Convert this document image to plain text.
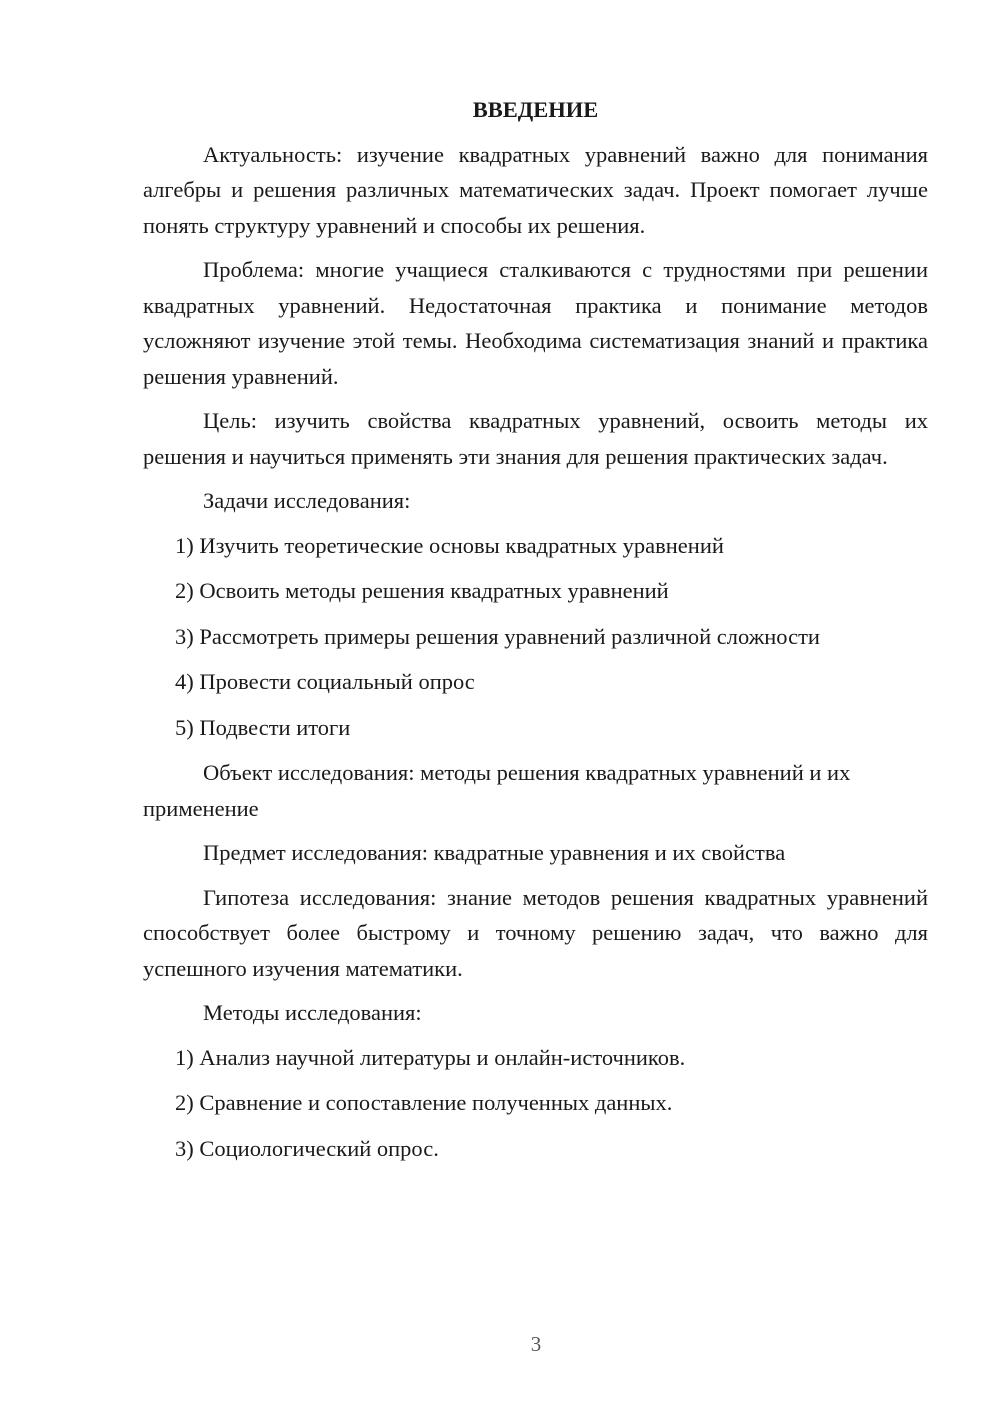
ВВЕДЕНИЕ
Актуальность: изучение квадратных уравнений важно для понимания алгебры и решения различных математических задач. Проект помогает лучше понять структуру уравнений и способы их решения.
Проблема: многие учащиеся сталкиваются с трудностями при решении квадратных уравнений. Недостаточная практика и понимание методов усложняют изучение этой темы. Необходима систематизация знаний и практика решения уравнений.
Цель: изучить свойства квадратных уравнений, освоить методы их решения и научиться применять эти знания для решения практических задач.
Задачи исследования:
1) Изучить теоретические основы квадратных уравнений
2) Освоить методы решения квадратных уравнений
3) Рассмотреть примеры решения уравнений различной сложности
4) Провести социальный опрос
5) Подвести итоги
Объект исследования: методы решения квадратных уравнений и их применение
Предмет исследования: квадратные уравнения и их свойства
Гипотеза исследования: знание методов решения квадратных уравнений способствует более быстрому и точному решению задач, что важно для успешного изучения математики.
Методы исследования:
1) Анализ научной литературы и онлайн-источников.
2) Сравнение и сопоставление полученных данных.
3) Социологический опрос.
3
